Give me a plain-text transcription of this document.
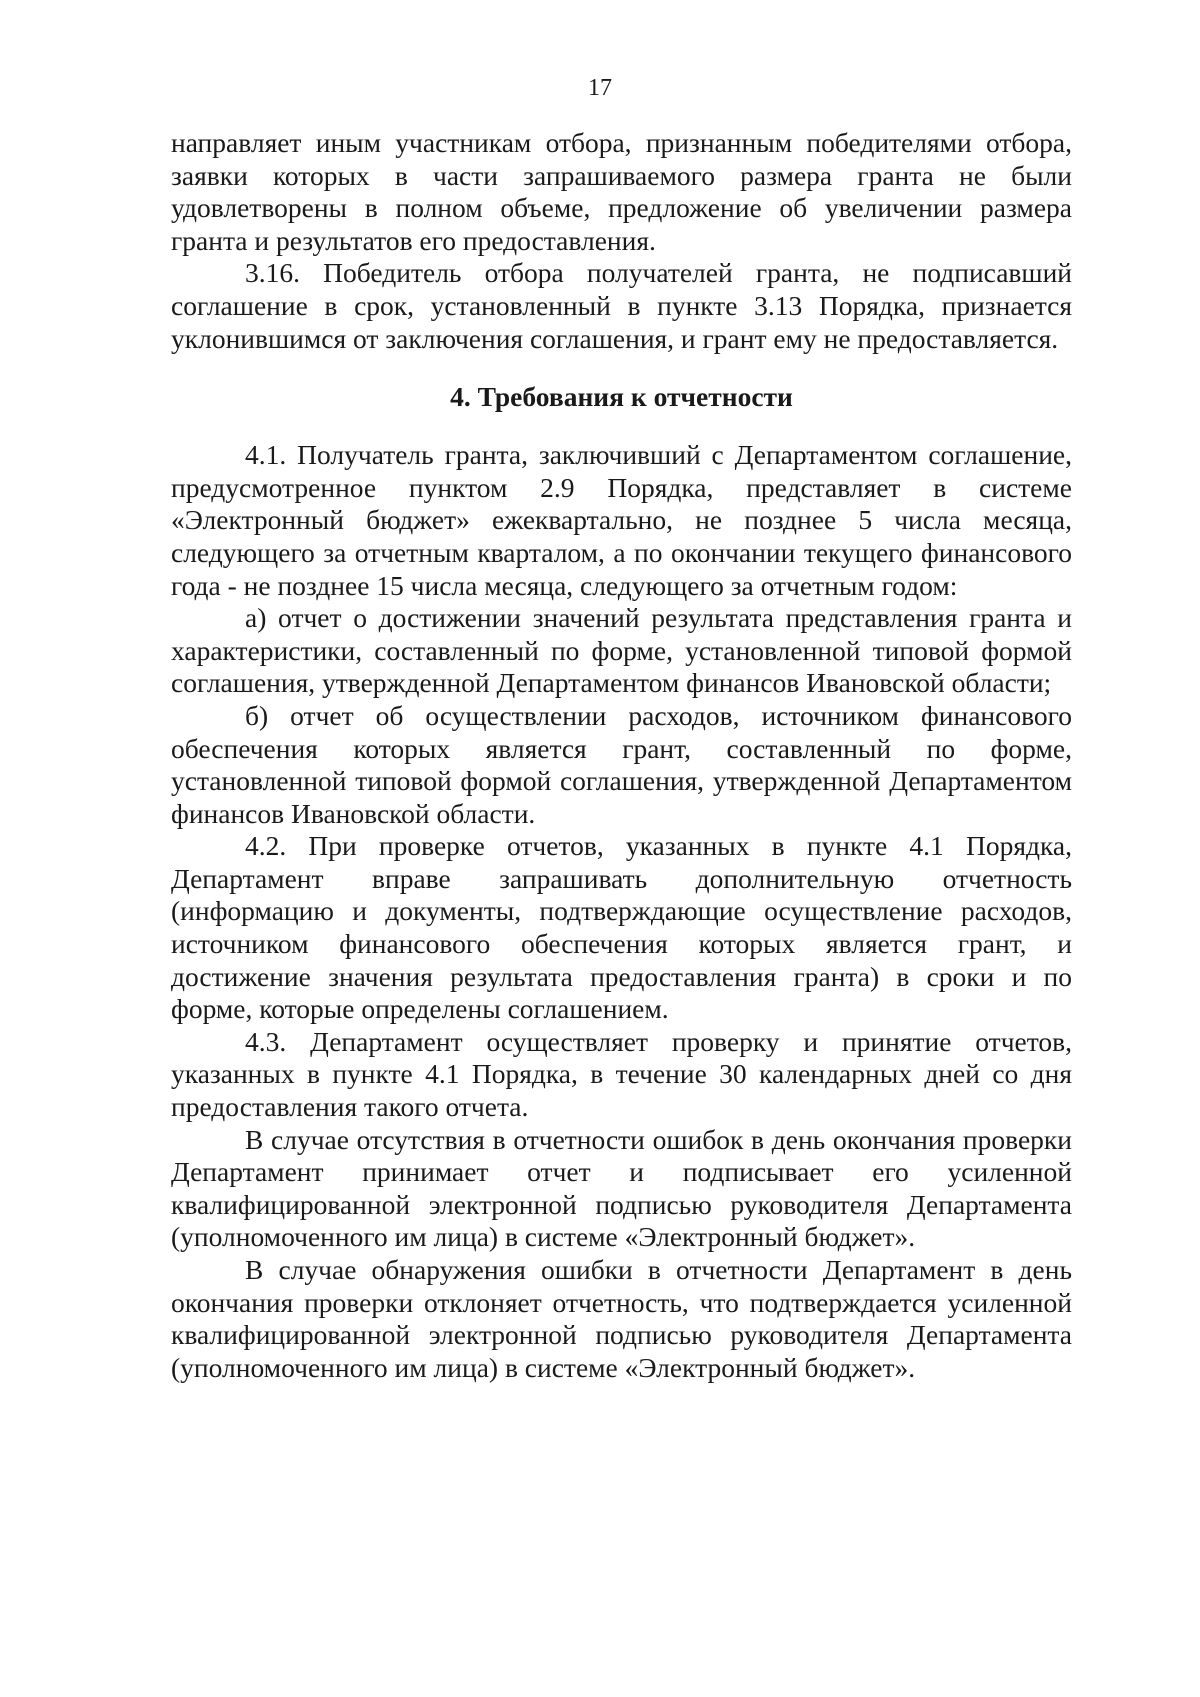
17

направляет иным участникам отбора, признанным победителями отбора, заявки которых в части запрашиваемого размера гранта не были удовлетворены в полном объеме, предложение об увеличении размера гранта и результатов его предоставления.

3.16. Победитель отбора получателей гранта, не подписавший соглашение в срок, установленный в пункте 3.13 Порядка, признается уклонившимся от заключения соглашения, и грант ему не предоставляется.

4. Требования к отчетности

4.1. Получатель гранта, заключивший с Департаментом соглашение, предусмотренное пунктом 2.9 Порядка, представляет в системе «Электронный бюджет» ежеквартально, не позднее 5 числа месяца, следующего за отчетным кварталом, а по окончании текущего финансового года - не позднее 15 числа месяца, следующего за отчетным годом:

а) отчет о достижении значений результата представления гранта и характеристики, составленный по форме, установленной типовой формой соглашения, утвержденной Департаментом финансов Ивановской области;

б) отчет об осуществлении расходов, источником финансового обеспечения которых является грант, составленный по форме, установленной типовой формой соглашения, утвержденной Департаментом финансов Ивановской области.

4.2. При проверке отчетов, указанных в пункте 4.1 Порядка, Департамент вправе запрашивать дополнительную отчетность (информацию и документы, подтверждающие осуществление расходов, источником финансового обеспечения которых является грант, и достижение значения результата предоставления гранта) в сроки и по форме, которые определены соглашением.

4.3. Департамент осуществляет проверку и принятие отчетов, указанных в пункте 4.1 Порядка, в течение 30 календарных дней со дня предоставления такого отчета.

В случае отсутствия в отчетности ошибок в день окончания проверки Департамент принимает отчет и подписывает его усиленной квалифицированной электронной подписью руководителя Департамента (уполномоченного им лица) в системе «Электронный бюджет».

В случае обнаружения ошибки в отчетности Департамент в день окончания проверки отклоняет отчетность, что подтверждается усиленной квалифицированной электронной подписью руководителя Департамента (уполномоченного им лица) в системе «Электронный бюджет».
